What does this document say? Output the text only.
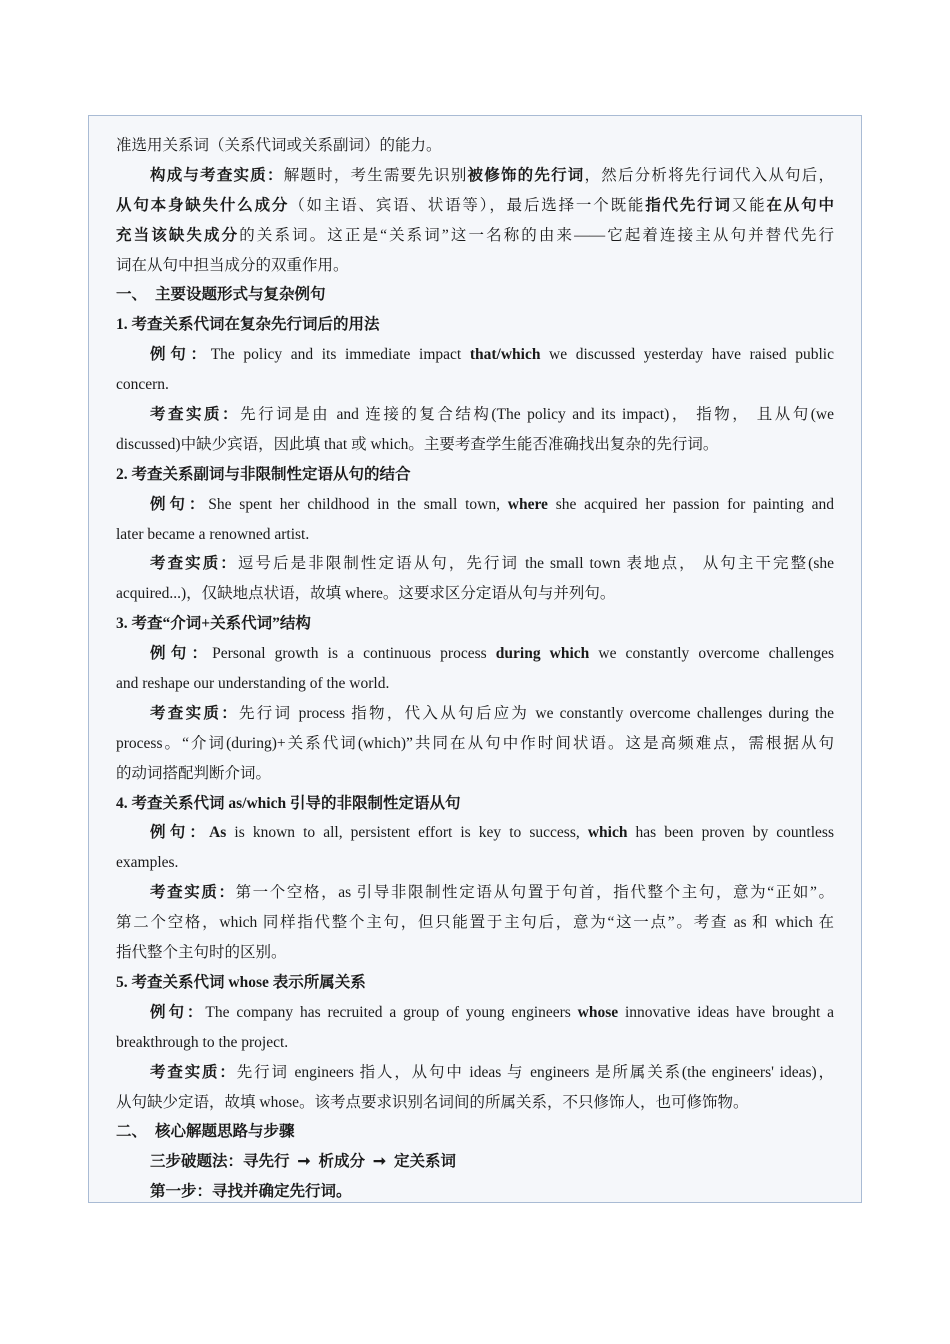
准选用关系词（关系代词或关系副词）的能力。
构成与考查实质：解题时，考生需要先识别被修饰的先行词，然后分析将先行词代入从句后，
从句本身缺失什么成分（如主语、宾语、状语等），最后选择一个既能指代先行词又能在从句中
充当该缺失成分的关系词。这正是“关系词”这一名称的由来——它起着连接主从句并替代先行
词在从句中担当成分的双重作用。
一、 主要设题形式与复杂例句
1. 考查关系代词在复杂先行词后的用法
例句：The policy and its immediate impact that/which we discussed yesterday have raised public
concern.
考查实质：先行词是由 and 连接的复合结构(The policy and its impact)， 指物， 且从句(we
discussed)中缺少宾语，因此填 that 或 which。主要考查学生能否准确找出复杂的先行词。
2. 考查关系副词与非限制性定语从句的结合
例句：She spent her childhood in the small town, where she acquired her passion for painting and
later became a renowned artist.
考查实质：逗号后是非限制性定语从句，先行词 the small town 表地点， 从句主干完整(she
acquired...)，仅缺地点状语，故填 where。这要求区分定语从句与并列句。
3. 考查“介词+关系代词”结构
例句：Personal growth is a continuous process during which we constantly overcome challenges
and reshape our understanding of the world.
考查实质：先行词 process 指物，代入从句后应为 we constantly overcome challenges during the
process。“介词(during)+关系代词(which)”共同在从句中作时间状语。这是高频难点，需根据从句
的动词搭配判断介词。
4. 考查关系代词 as/which 引导的非限制性定语从句
例句：As is known to all, persistent effort is key to success, which has been proven by countless
examples.
考查实质：第一个空格，as 引导非限制性定语从句置于句首，指代整个主句，意为“正如”。
第二个空格，which 同样指代整个主句，但只能置于主句后，意为“这一点”。考查 as 和 which 在
指代整个主句时的区别。
5. 考查关系代词 whose 表示所属关系
例句：The company has recruited a group of young engineers whose innovative ideas have brought a
breakthrough to the project.
考查实质：先行词 engineers 指人，从句中 ideas 与 engineers 是所属关系(the engineers' ideas)，
从句缺少定语，故填 whose。该考点要求识别名词间的所属关系，不只修饰人，也可修饰物。
二、 核心解题思路与步骤
三步破题法：寻先行 ➞ 析成分 ➞ 定关系词
第一步：寻找并确定先行词。
